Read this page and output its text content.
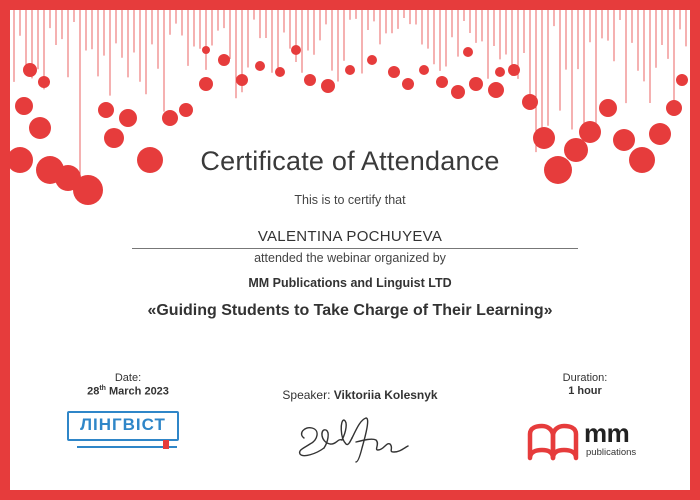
Certificate of Attendance
This is to certify that
VALENTINA POCHUYEVA
attended the webinar organized by
MM Publications and Linguist LTD
«Guiding Students to Take Charge of Their Learning»
Date:
28th March 2023	Speaker: Viktoriia Kolesnyk
Duration:
1 hour
ЛІНГВІСТ	mm
publications
